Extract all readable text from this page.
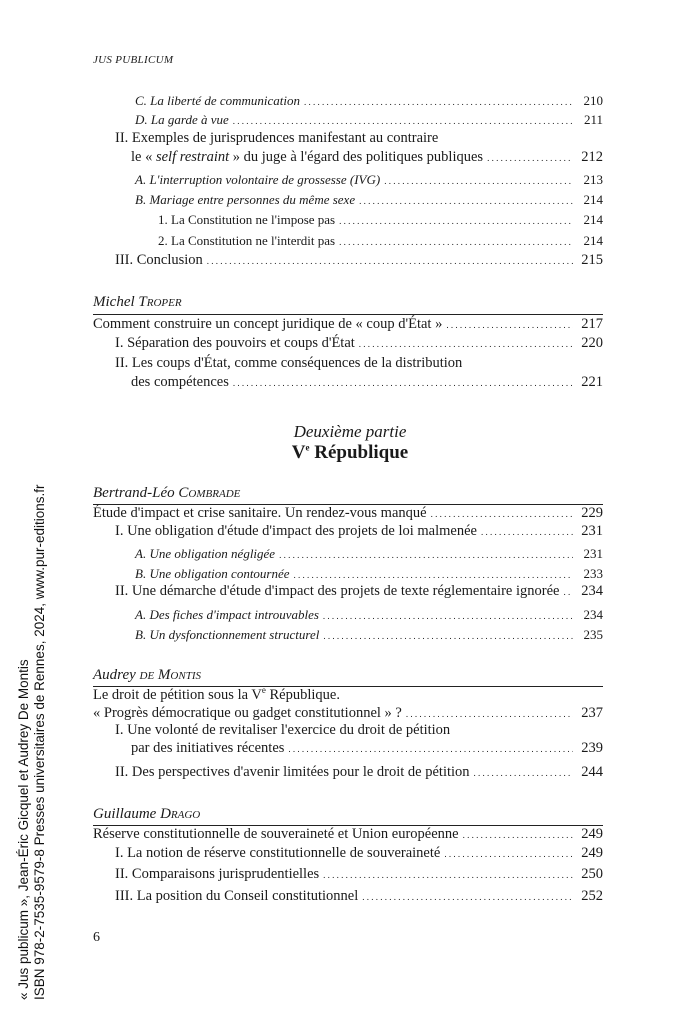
JUS PUBLICUM
C. La liberté de communication . . .	210
D. La garde à vue . . .	211
II. Exemples de jurisprudences manifestant au contraire
le « self restraint » du juge à l'égard des politiques publiques . . .	212
A. L'interruption volontaire de grossesse (IVG) . . .	213
B. Mariage entre personnes du même sexe . . .	214
1. La Constitution ne l'impose pas . . .	214
2. La Constitution ne l'interdit pas . . .	214
III. Conclusion . . .	215
Michel Troper
Comment construire un concept juridique de « coup d'État » . . .	217
I. Séparation des pouvoirs et coups d'État . . .	220
II. Les coups d'État, comme conséquences de la distribution
des compétences . . .	221
Deuxième partie
Ve République
Bertrand-Léo Combrade
Étude d'impact et crise sanitaire. Un rendez-vous manqué . . .	229
I. Une obligation d'étude d'impact des projets de loi malmenée . . .	231
A. Une obligation négligée . . .	231
B. Une obligation contournée . . .	233
II. Une démarche d'étude d'impact des projets de texte réglementaire ignorée . . . 234
A. Des fiches d'impact introuvables . . .	234
B. Un dysfonctionnement structurel . . .	235
Audrey de Montis
Le droit de pétition sous la Ve République.
« Progrès démocratique ou gadget constitutionnel » ? . . .	237
I. Une volonté de revitaliser l'exercice du droit de pétition
par des initiatives récentes . . .	239
II. Des perspectives d'avenir limitées pour le droit de pétition . . .	244
Guillaume Drago
Réserve constitutionnelle de souveraineté et Union européenne . . .	249
I. La notion de réserve constitutionnelle de souveraineté . . .	249
II. Comparaisons jurisprudentielles . . .	250
III. La position du Conseil constitutionnel . . .	252
6
« Jus publicum », Jean-Éric Gicquel et Audrey De Montis ISBN 978-2-7535-9579-8 Presses universitaires de Rennes, 2024, www.pur-editions.fr
